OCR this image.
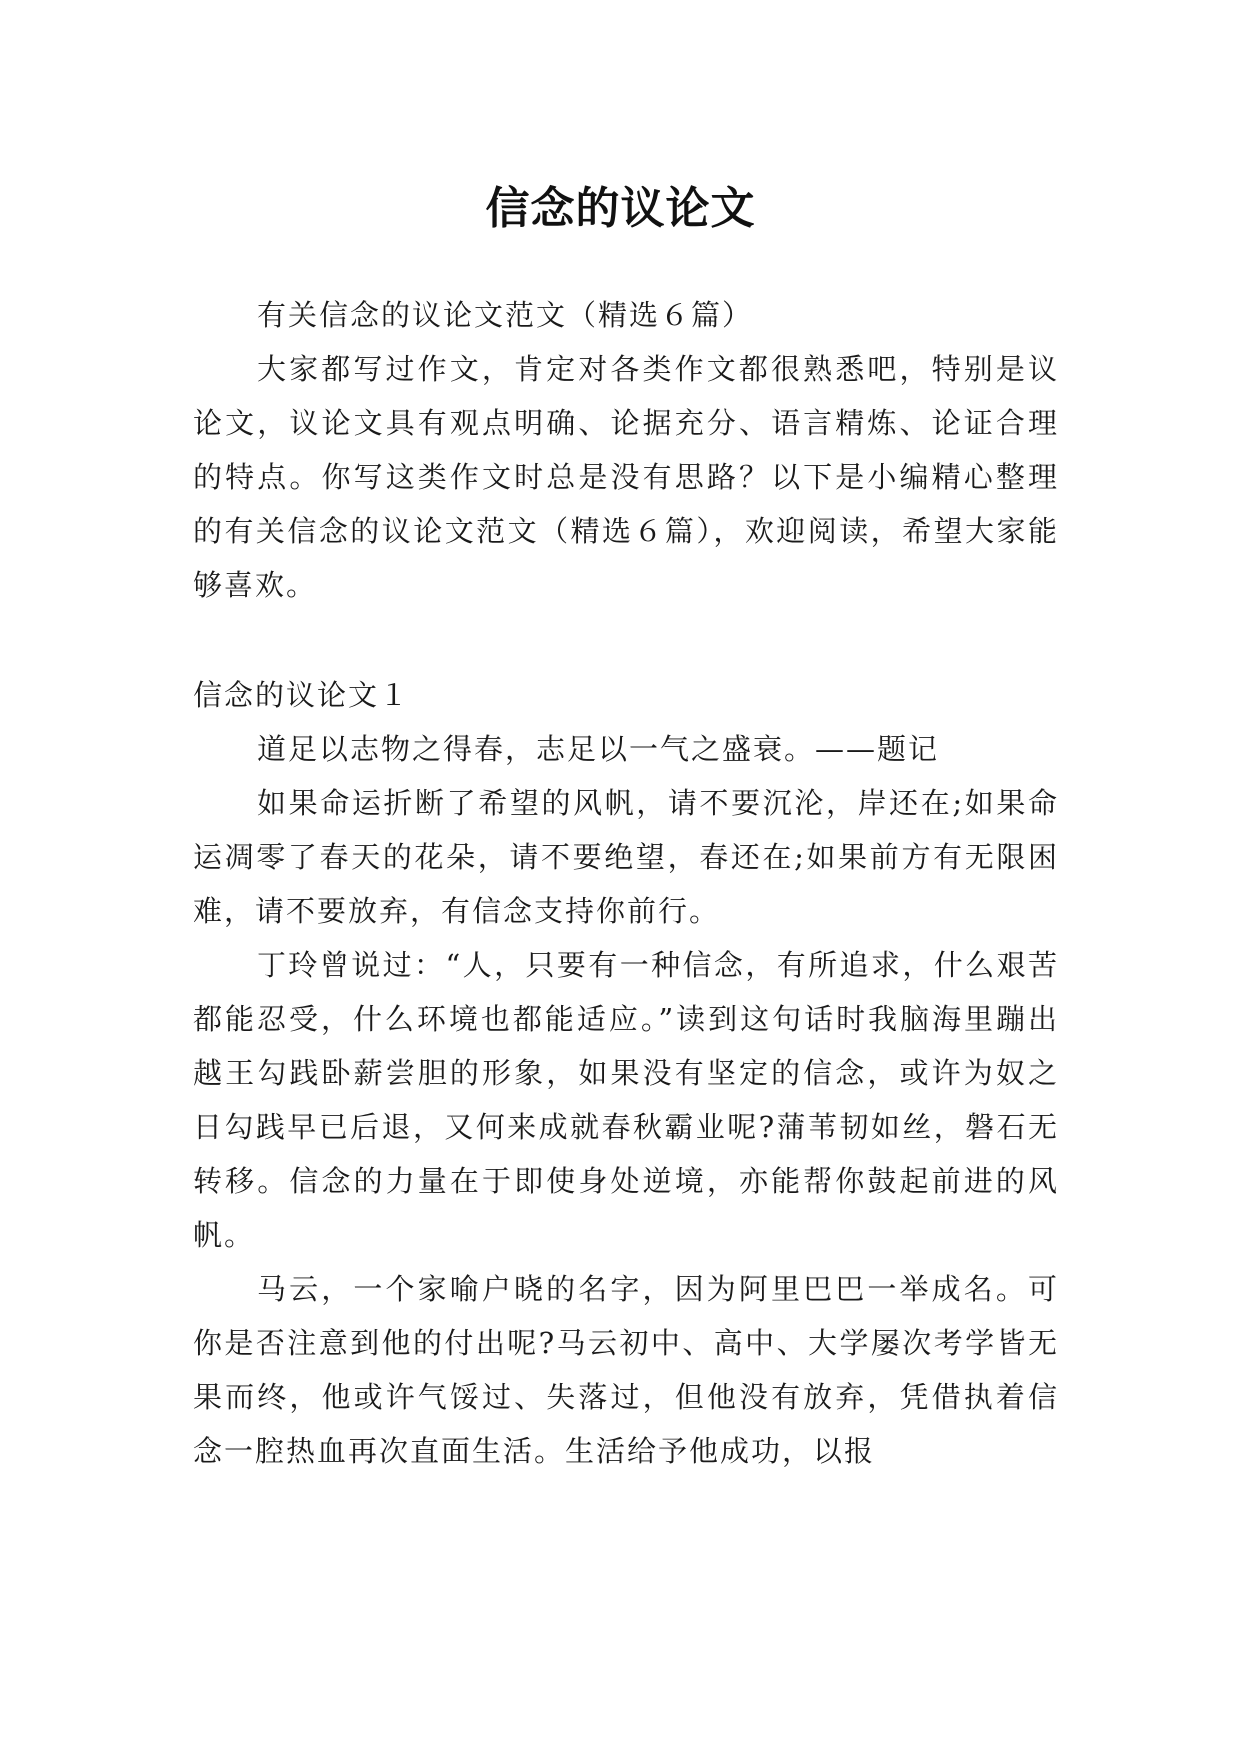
信念的议论文

有关信念的议论文范文（精选６篇）

大家都写过作文，肯定对各类作文都很熟悉吧，特别是议论文，议论文具有观点明确、论据充分、语言精炼、论证合理的特点。你写这类作文时总是没有思路？以下是小编精心整理的有关信念的议论文范文（精选６篇），欢迎阅读，希望大家能够喜欢。

信念的议论文１

道足以志物之得春，志足以一气之盛衰。——题记

如果命运折断了希望的风帆，请不要沉沦，岸还在;如果命运凋零了春天的花朵，请不要绝望，春还在;如果前方有无限困难，请不要放弃，有信念支持你前行。

丁玲曾说过：“人，只要有一种信念，有所追求，什么艰苦都能忍受，什么环境也都能适应。”读到这句话时我脑海里蹦出越王勾践卧薪尝胆的形象，如果没有坚定的信念，或许为奴之日勾践早已后退，又何来成就春秋霸业呢?蒲苇韧如丝，磐石无转移。信念的力量在于即使身处逆境，亦能帮你鼓起前进的风帆。

马云，一个家喻户晓的名字，因为阿里巴巴一举成名。可你是否注意到他的付出呢?马云初中、高中、大学屡次考学皆无果而终，他或许气馁过、失落过，但他没有放弃，凭借执着信念一腔热血再次直面生活。生活给予他成功，以报
